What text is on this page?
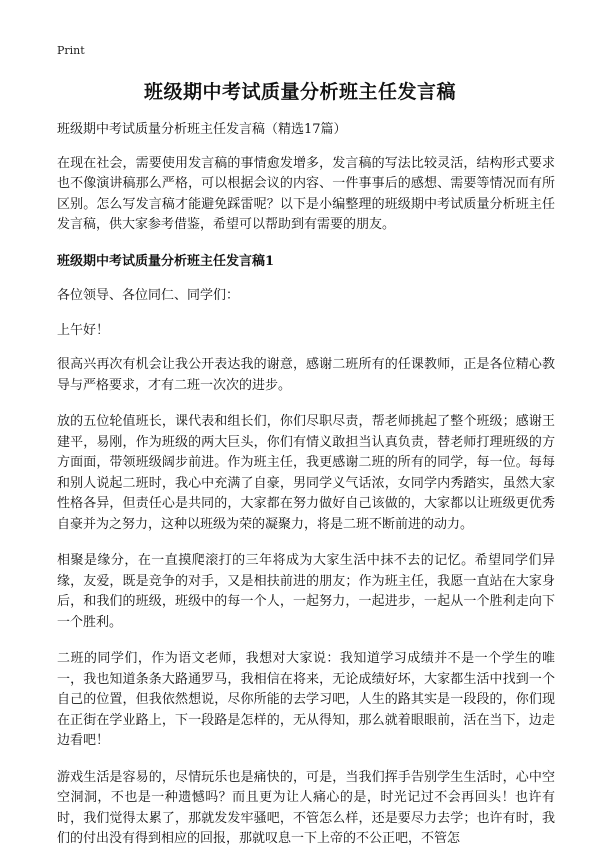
Print
班级期中考试质量分析班主任发言稿

班级期中考试质量分析班主任发言稿（精选17篇）

在现在社会，需要使用发言稿的事情愈发增多，发言稿的写法比较灵活，结构形式要求也不像演讲稿那么严格，可以根据会议的内容、一件事事后的感想、需要等情况而有所区别。怎么写发言稿才能避免踩雷呢？以下是小编整理的班级期中考试质量分析班主任发言稿，供大家参考借鉴，希望可以帮助到有需要的朋友。

班级期中考试质量分析班主任发言稿1

各位领导、各位同仁、同学们：

上午好！

很高兴再次有机会让我公开表达我的谢意，感谢二班所有的任课教师，正是各位精心教导与严格要求，才有二班一次次的进步。

放的五位轮值班长，课代表和组长们，你们尽职尽责，帮老师挑起了整个班级；感谢王建平，易刚，作为班级的两大巨头，你们有情义敢担当认真负责，替老师打理班级的方方面面，带领班级阔步前进。作为班主任，我更感谢二班的所有的同学，每一位。每每和别人说起二班时，我心中充满了自豪，男同学义气话浓，女同学内秀踏实，虽然大家性格各异，但责任心是共同的，大家都在努力做好自己该做的，大家都以让班级更优秀自豪并为之努力，这种以班级为荣的凝聚力，将是二班不断前进的动力。

相聚是缘分，在一直摸爬滚打的三年将成为大家生活中抹不去的记忆。希望同学们异缘，友爱，既是竞争的对手，又是相扶前进的朋友；作为班主任，我愿一直站在大家身后，和我们的班级，班级中的每一个人，一起努力，一起进步，一起从一个胜利走向下一个胜利。

二班的同学们，作为语文老师，我想对大家说：我知道学习成绩并不是一个学生的唯一，我也知道条条大路通罗马，我相信在将来，无论成绩好坏，大家都生活中找到一个自己的位置，但我依然想说，尽你所能的去学习吧，人生的路其实是一段段的，你们现在正街在学业路上，下一段路是怎样的，无从得知，那么就着眼眼前，活在当下，边走边看吧！

游戏生活是容易的，尽情玩乐也是痛快的，可是，当我们挥手告别学生生活时，心中空空洞洞，不也是一种遗憾吗？而且更为让人痛心的是，时光记过不会再回头！也许有时，我们觉得太累了，那就发发牢骚吧，不管怎么样，还是要尽力去学；也许有时，我们的付出没有得到相应的回报，那就叹息一下上帝的不公正吧，不管怎
